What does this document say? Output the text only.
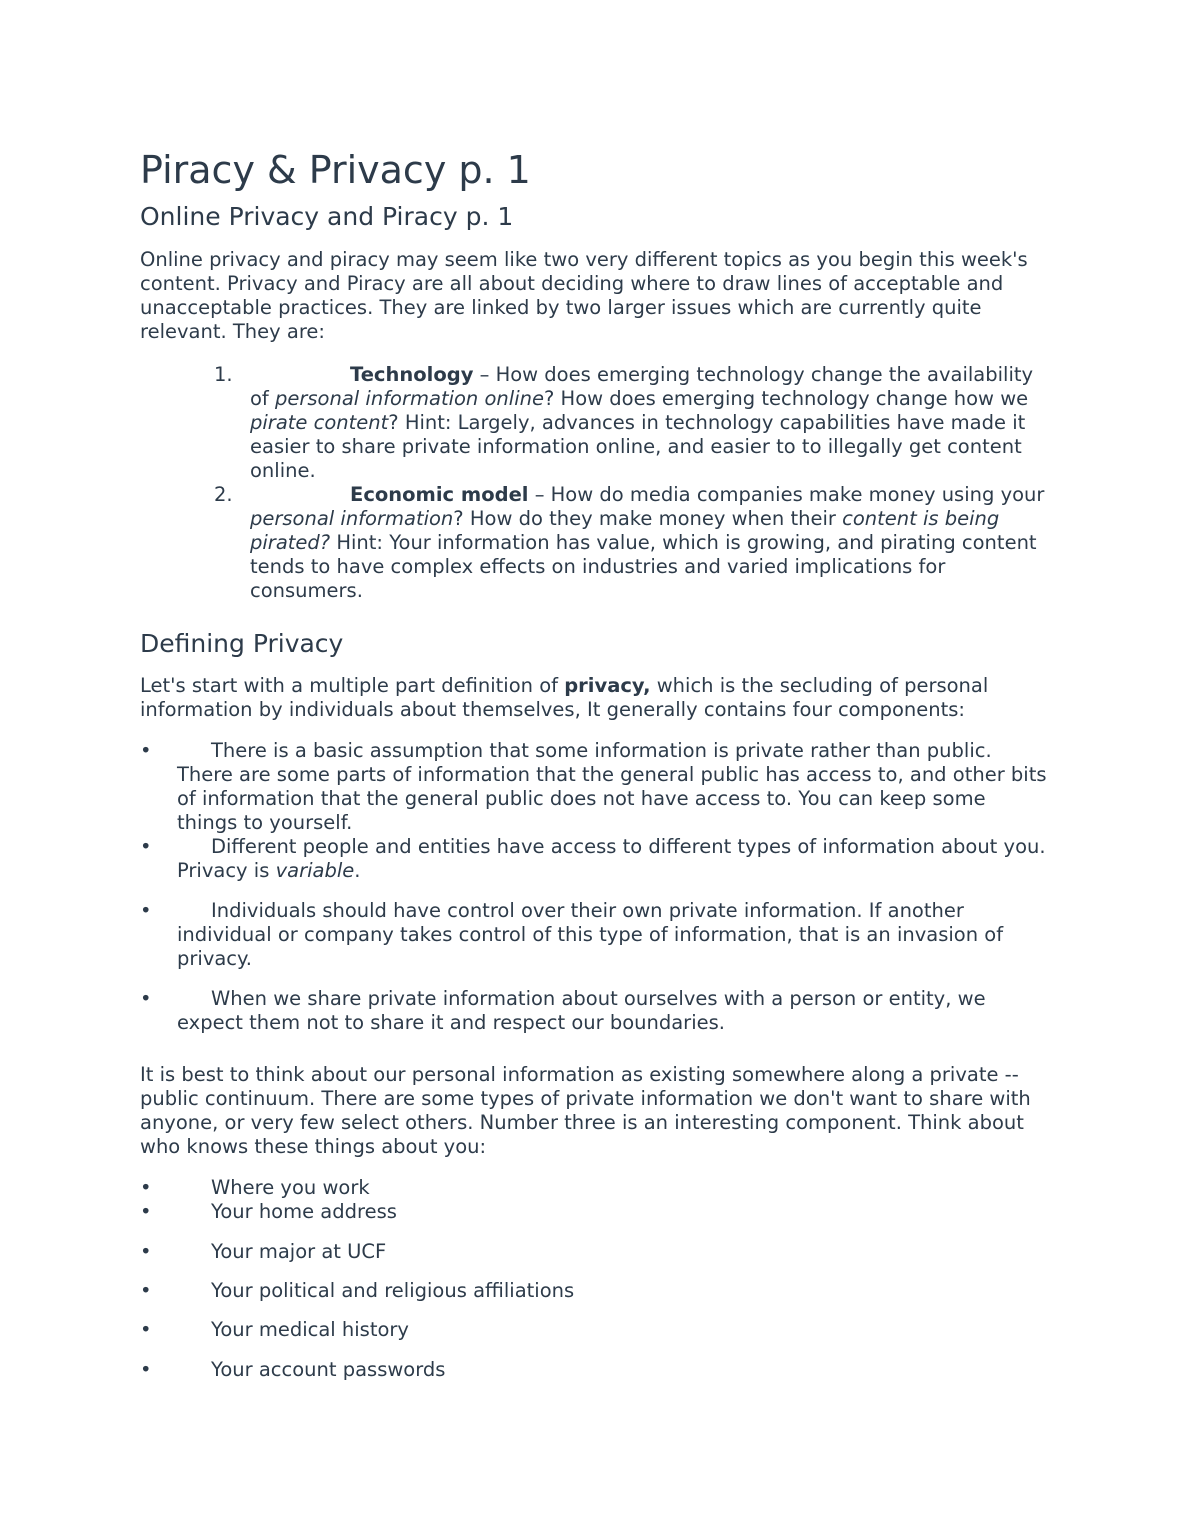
Piracy & Privacy p. 1
Online Privacy and Piracy p. 1

Online privacy and piracy may seem like two very different topics as you begin this week's content. Privacy and Piracy are all about deciding where to draw lines of acceptable and unacceptable practices. They are linked by two larger issues which are currently quite relevant. They are:

1.	Technology – How does emerging technology change the availability of personal information online? How does emerging technology change how we pirate content? Hint: Largely, advances in technology capabilities have made it easier to share private information online, and easier to to illegally get content online.
2.	Economic model – How do media companies make money using your personal information? How do they make money when their content is being pirated? Hint: Your information has value, which is growing, and pirating content tends to have complex effects on industries and varied implications for consumers.
Defining Privacy

Let's start with a multiple part definition of privacy, which is the secluding of personal information by individuals about themselves, It generally contains four components:

•	There is a basic assumption that some information is private rather than public. There are some parts of information that the general public has access to, and other bits of information that the general public does not have access to. You can keep some things to yourself.
•	Different people and entities have access to different types of information about you. Privacy is variable.
•	Individuals should have control over their own private information. If another individual or company takes control of this type of information, that is an invasion of privacy.
•	When we share private information about ourselves with a person or entity, we expect them not to share it and respect our boundaries.

It is best to think about our personal information as existing somewhere along a private -- public continuum. There are some types of private information we don't want to share with anyone, or very few select others. Number three is an interesting component. Think about who knows these things about you:

•	Where you work
•	Your home address
•	Your major at UCF
•	Your political and religious affiliations
•	Your medical history
•	Your account passwords
